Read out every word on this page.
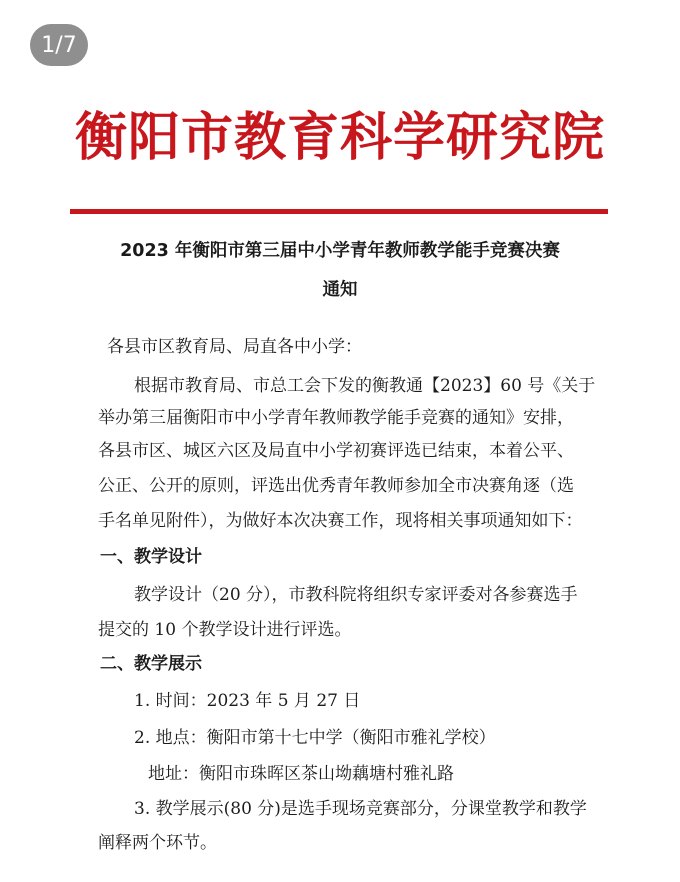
1/7
衡阳市教育科学研究院
2023 年衡阳市第三届中小学青年教师教学能手竞赛决赛
通知
各县市区教育局、局直各中小学：
根据市教育局、市总工会下发的衡教通【2023】60 号《关于
举办第三届衡阳市中小学青年教师教学能手竞赛的通知》安排，
各县市区、城区六区及局直中小学初赛评选已结束，本着公平、
公正、公开的原则，评选出优秀青年教师参加全市决赛角逐（选
手名单见附件），为做好本次决赛工作，现将相关事项通知如下：
一、教学设计
教学设计（20 分），市教科院将组织专家评委对各参赛选手
提交的 10 个教学设计进行评选。
二、教学展示
1. 时间：2023 年 5 月 27 日
2. 地点：衡阳市第十七中学（衡阳市雅礼学校）
地址：衡阳市珠晖区茶山坳藕塘村雅礼路
3. 教学展示(80 分)是选手现场竞赛部分，分课堂教学和教学
阐释两个环节。
